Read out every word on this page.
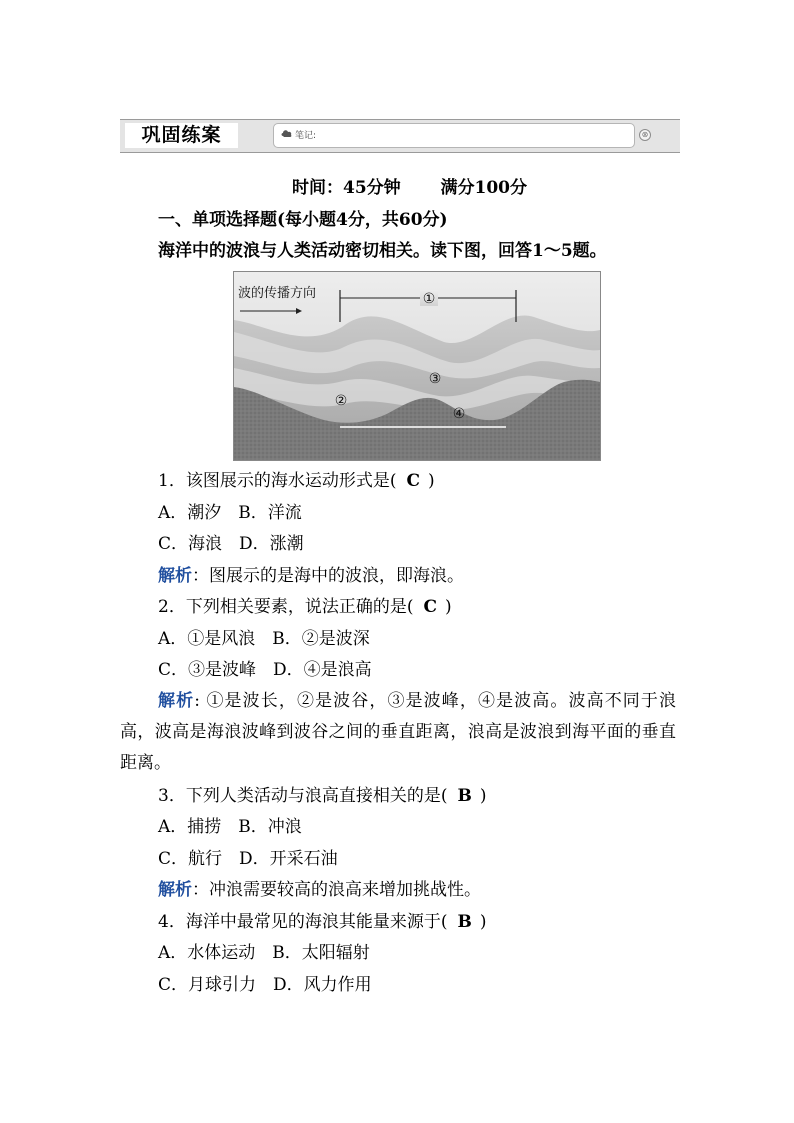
巩固练案	笔记:	⊗
时间：45分钟 满分100分
一、单项选择题(每小题4分，共60分)
海洋中的波浪与人类活动密切相关。读下图，回答1～5题。
波的传播方向	①
②
③
④
1．该图展示的海水运动形式是( C )
A．潮汐　B．洋流
C．海浪　D．涨潮
解析：图展示的是海中的波浪，即海浪。
2．下列相关要素，说法正确的是( C )
A．①是风浪　B．②是波深
C．③是波峰　D．④是浪高
解析: ①是波长，②是波谷，③是波峰，④是波高。波高不同于浪高，波高是海浪波峰到波谷之间的垂直距离，浪高是波浪到海平面的垂直距离。
3．下列人类活动与浪高直接相关的是( B )
A．捕捞　B．冲浪
C．航行　D．开采石油
解析：冲浪需要较高的浪高来增加挑战性。
4．海洋中最常见的海浪其能量来源于( B )
A．水体运动　B．太阳辐射
C．月球引力　D．风力作用
